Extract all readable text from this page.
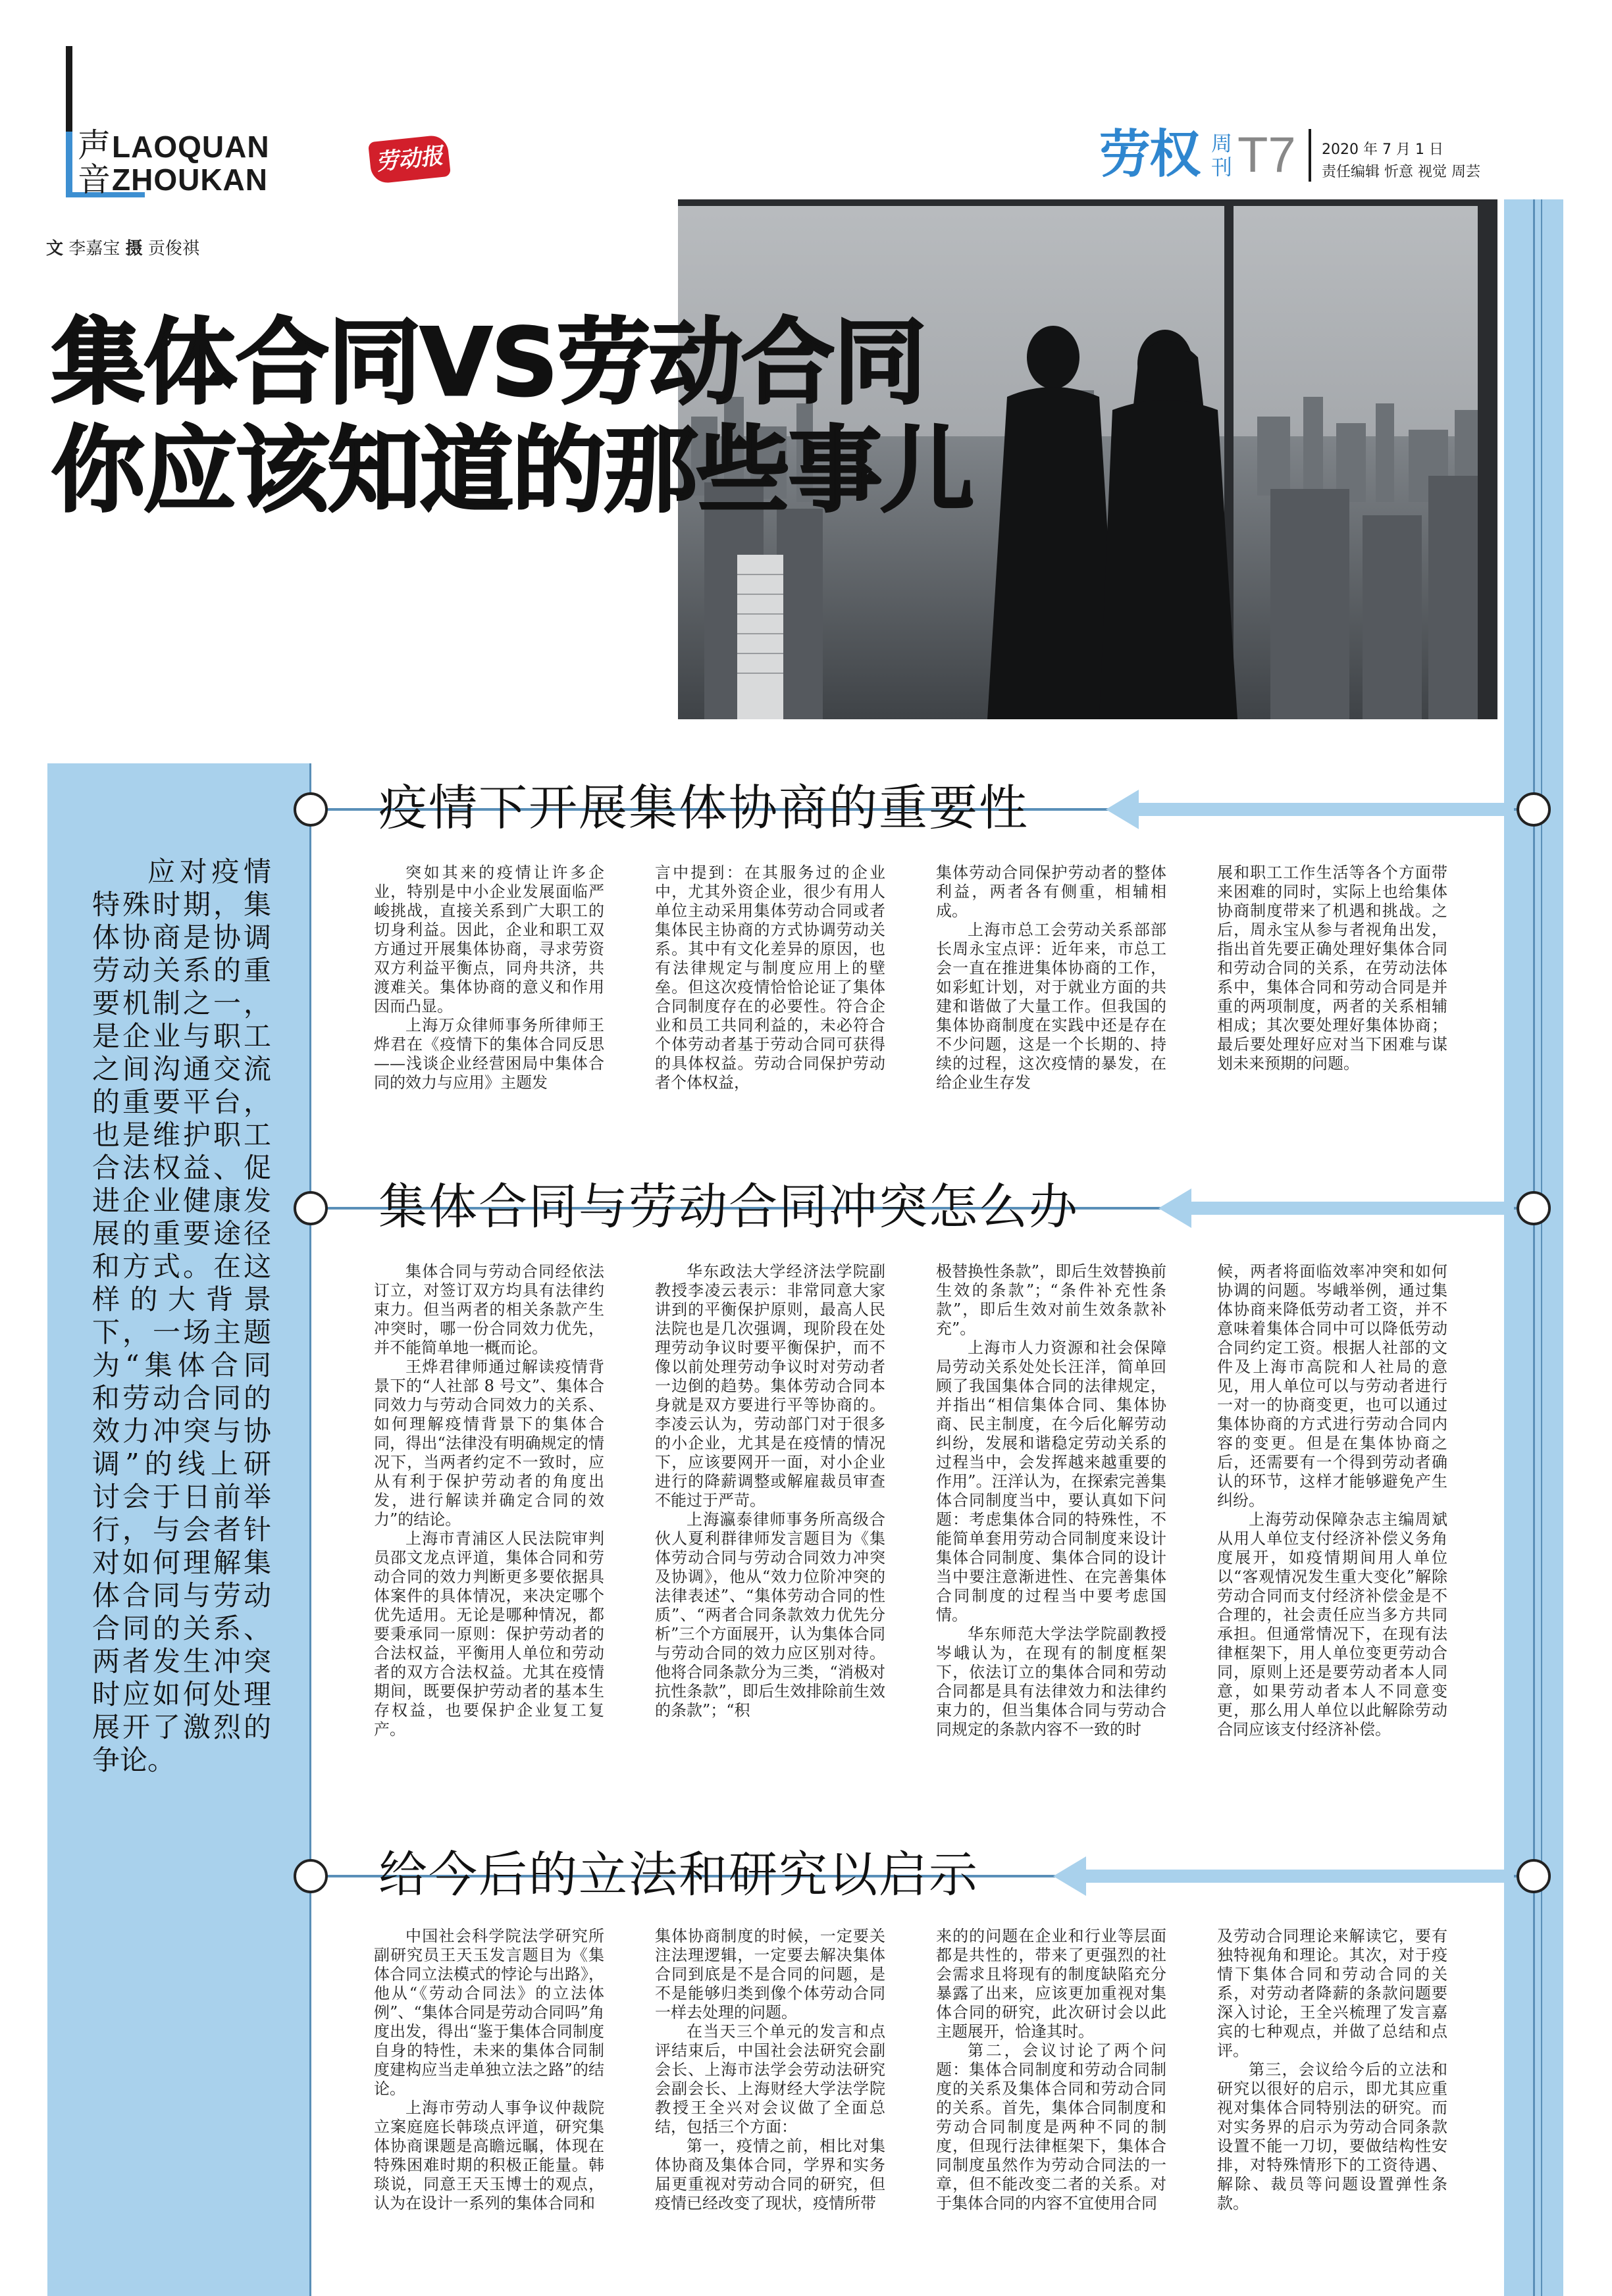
声音
LAOQUAN
ZHOUKAN
劳动报	劳权 周刊 T7 2020 年 7 月 1 日
责任编辑 忻意 视觉 周芸
文 李嘉宝 摄 贡俊祺
集体合同VS劳动合同
你应该知道的那些事儿
应对疫情特殊时期，集体协商是协调劳动关系的重要机制之一，是企业与职工之间沟通交流的重要平台，也是维护职工合法权益、促进企业健康发展的重要途径和方式。在这样的大背景下，一场主题为“集体合同和劳动合同的效力冲突与协调”的线上研讨会于日前举行，与会者针对如何理解集体合同与劳动合同的关系、两者发生冲突时应如何处理展开了激烈的争论。
疫情下开展集体协商的重要性

突如其来的疫情让许多企业，特别是中小企业发展面临严峻挑战，直接关系到广大职工的切身利益。因此，企业和职工双方通过开展集体协商，寻求劳资双方利益平衡点，同舟共济，共渡难关。集体协商的意义和作用因而凸显。

上海万众律师事务所律师王烨君在《疫情下的集体合同反思——浅谈企业经营困局中集体合同的效力与应用》主题发

言中提到：在其服务过的企业中，尤其外资企业，很少有用人单位主动采用集体劳动合同或者集体民主协商的方式协调劳动关系。其中有文化差异的原因，也有法律规定与制度应用上的壁垒。但这次疫情恰恰论证了集体合同制度存在的必要性。符合企业和员工共同利益的，未必符合个体劳动者基于劳动合同可获得的具体权益。劳动合同保护劳动者个体权益，

集体劳动合同保护劳动者的整体利益，两者各有侧重，相辅相成。

上海市总工会劳动关系部部长周永宝点评：近年来，市总工会一直在推进集体协商的工作，如彩虹计划，对于就业方面的共建和谐做了大量工作。但我国的集体协商制度在实践中还是存在不少问题，这是一个长期的、持续的过程，这次疫情的暴发，在给企业生存发

展和职工工作生活等各个方面带来困难的同时，实际上也给集体协商制度带来了机遇和挑战。之后，周永宝从参与者视角出发，指出首先要正确处理好集体合同和劳动合同的关系，在劳动法体系中，集体合同和劳动合同是并重的两项制度，两者的关系相辅相成；其次要处理好集体协商；最后要处理好应对当下困难与谋划未来预期的问题。

集体合同与劳动合同冲突怎么办

集体合同与劳动合同经依法订立，对签订双方均具有法律约束力。但当两者的相关条款产生冲突时，哪一份合同效力优先，并不能简单地一概而论。

王烨君律师通过解读疫情背景下的“人社部 8 号文”、集体合同效力与劳动合同效力的关系、如何理解疫情背景下的集体合同，得出“法律没有明确规定的情况下，当两者约定不一致时，应从有利于保护劳动者的角度出发，进行解读并确定合同的效力”的结论。

上海市青浦区人民法院审判员邵文龙点评道，集体合同和劳动合同的效力判断更多要依据具体案件的具体情况，来决定哪个优先适用。无论是哪种情况，都要秉承同一原则：保护劳动者的合法权益，平衡用人单位和劳动者的双方合法权益。尤其在疫情期间，既要保护劳动者的基本生存权益，也要保护企业复工复产。

华东政法大学经济法学院副教授李凌云表示：非常同意大家讲到的平衡保护原则，最高人民法院也是几次强调，现阶段在处理劳动争议时要平衡保护，而不像以前处理劳动争议时对劳动者一边倒的趋势。集体劳动合同本身就是双方要进行平等协商的。李凌云认为，劳动部门对于很多的小企业，尤其是在疫情的情况下，应该要网开一面，对小企业进行的降薪调整或解雇裁员审查不能过于严苛。

上海瀛泰律师事务所高级合伙人夏利群律师发言题目为《集体劳动合同与劳动合同效力冲突及协调》，他从“效力位阶冲突的法律表述”、“集体劳动合同的性质”、“两者合同条款效力优先分析”三个方面展开，认为集体合同与劳动合同的效力应区别对待。他将合同条款分为三类，“消极对抗性条款”，即后生效排除前生效的条款”；“积

极替换性条款”，即后生效替换前生效的条款”；“条件补充性条款”，即后生效对前生效条款补充”。

上海市人力资源和社会保障局劳动关系处处长汪洋，简单回顾了我国集体合同的法律规定，并指出“相信集体合同、集体协商、民主制度，在今后化解劳动纠纷，发展和谐稳定劳动关系的过程当中，会发挥越来越重要的作用”。汪洋认为，在探索完善集体合同制度当中，要认真如下问题：考虑集体合同的特殊性，不能简单套用劳动合同制度来设计集体合同制度、集体合同的设计当中要注意渐进性、在完善集体合同制度的过程当中要考虑国情。

华东师范大学法学院副教授岑峨认为，在现有的制度框架下，依法订立的集体合同和劳动合同都是具有法律效力和法律约束力的，但当集体合同与劳动合同规定的条款内容不一致的时

候，两者将面临效率冲突和如何协调的问题。岑峨举例，通过集体协商来降低劳动者工资，并不意味着集体合同中可以降低劳动合同约定工资。根据人社部的文件及上海市高院和人社局的意见，用人单位可以与劳动者进行一对一的协商变更，也可以通过集体协商的方式进行劳动合同内容的变更。但是在集体协商之后，还需要有一个得到劳动者确认的环节，这样才能够避免产生纠纷。

上海劳动保障杂志主编周斌从用人单位支付经济补偿义务角度展开，如疫情期间用人单位以“客观情况发生重大变化”解除劳动合同而支付经济补偿金是不合理的，社会责任应当多方共同承担。但通常情况下，在现有法律框架下，用人单位变更劳动合同，原则上还是要劳动者本人同意，如果劳动者本人不同意变更，那么用人单位以此解除劳动合同应该支付经济补偿。

给今后的立法和研究以启示

中国社会科学院法学研究所副研究员王天玉发言题目为《集体合同立法模式的悖论与出路》，他从“《劳动合同法》的立法体例”、“集体合同是劳动合同吗”角度出发，得出“鉴于集体合同制度自身的特性，未来的集体合同制度建构应当走单独立法之路”的结论。

上海市劳动人事争议仲裁院立案庭庭长韩琰点评道，研究集体协商课题是高瞻远瞩，体现在特殊困难时期的积极正能量。韩琰说，同意王天玉博士的观点，认为在设计一系列的集体合同和

集体协商制度的时候，一定要关注法理逻辑，一定要去解决集体合同到底是不是合同的问题，是不是能够归类到像个体劳动合同一样去处理的问题。

在当天三个单元的发言和点评结束后，中国社会法研究会副会长、上海市法学会劳动法研究会副会长、上海财经大学法学院教授王全兴对会议做了全面总结，包括三个方面：

第一，疫情之前，相比对集体协商及集体合同，学界和实务届更重视对劳动合同的研究，但疫情已经改变了现状，疫情所带

来的的问题在企业和行业等层面都是共性的，带来了更强烈的社会需求且将现有的制度缺陷充分暴露了出来，应该更加重视对集体合同的研究，此次研讨会以此主题展开，恰逢其时。

第二，会议讨论了两个问题：集体合同制度和劳动合同制度的关系及集体合同和劳动合同的关系。首先，集体合同制度和劳动合同制度是两种不同的制度，但现行法律框架下，集体合同制度虽然作为劳动合同法的一章，但不能改变二者的关系。对于集体合同的内容不宜使用合同

及劳动合同理论来解读它，要有独特视角和理论。其次，对于疫情下集体合同和劳动合同的关系，对劳动者降薪的条款问题要深入讨论，王全兴梳理了发言嘉宾的七种观点，并做了总结和点评。

第三，会议给今后的立法和研究以很好的启示，即尤其应重视对集体合同特别法的研究。而对实务界的启示为劳动合同条款设置不能一刀切，要做结构性安排，对特殊情形下的工资待遇、解除、裁员等问题设置弹性条款。
